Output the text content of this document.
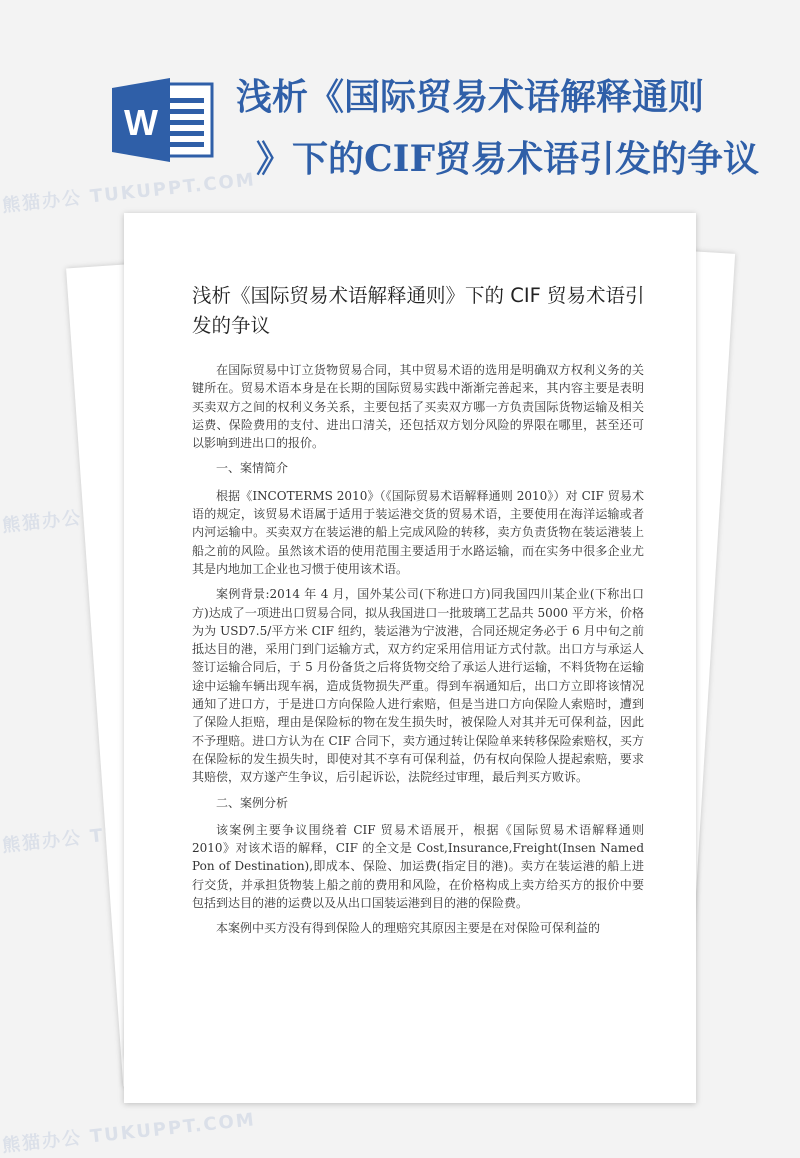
熊猫办公 TUKUPPT.COM
熊猫办公
熊猫办公
熊猫办公 TUKUPPT.COM
W
浅析《国际贸易术语解释通则
》下的CIF贸易术语引发的争议
浅析《国际贸易术语解释通则》下的 CIF 贸易术语引发的争议

在国际贸易中订立货物贸易合同，其中贸易术语的选用是明确双方权利义务的关键所在。贸易术语本身是在长期的国际贸易实践中渐渐完善起来，其内容主要是表明买卖双方之间的权利义务关系，主要包括了买卖双方哪一方负责国际货物运输及相关运费、保险费用的支付、进出口清关，还包括双方划分风险的界限在哪里，甚至还可以影响到进出口的报价。

一、案情简介

根据《INCOTERMS 2010》（《国际贸易术语解释通则 2010》）对 CIF 贸易术语的规定，该贸易术语属于适用于装运港交货的贸易术语，主要使用在海洋运输或者内河运输中。买卖双方在装运港的船上完成风险的转移，卖方负责货物在装运港装上船之前的风险。虽然该术语的使用范围主要适用于水路运输，而在实务中很多企业尤其是内地加工企业也习惯于使用该术语。

案例背景:2014 年 4 月，国外某公司(下称进口方)同我国四川某企业(下称出口方)达成了一项进出口贸易合同，拟从我国进口一批玻璃工艺品共 5000 平方米，价格为为 USD7.5/平方米 CIF 纽约，装运港为宁波港，合同还规定务必于 6 月中旬之前抵达目的港，采用门到门运输方式，双方约定采用信用证方式付款。出口方与承运人签订运输合同后，于 5 月份备货之后将货物交给了承运人进行运输，不料货物在运输途中运输车辆出现车祸，造成货物损失严重。得到车祸通知后，出口方立即将该情况通知了进口方，于是进口方向保险人进行索赔，但是当进口方向保险人索赔时，遭到了保险人拒赔，理由是保险标的物在发生损失时，被保险人对其并无可保利益，因此不予理赔。进口方认为在 CIF 合同下，卖方通过转让保险单来转移保险索赔权，买方在保险标的发生损失时，即使对其不享有可保利益，仍有权向保险人提起索赔，要求其赔偿，双方遂产生争议，后引起诉讼，法院经过审理，最后判买方败诉。

二、案例分析

该案例主要争议围绕着 CIF 贸易术语展开，根据《国际贸易术语解释通则 2010》对该术语的解释，CIF 的全文是 Cost,Insurance,Freight(Insen Named Pon of Destination),即成本、保险、加运费(指定目的港)。卖方在装运港的船上进行交货，并承担货物装上船之前的费用和风险，在价格构成上卖方给买方的报价中要包括到达目的港的运费以及从出口国装运港到目的港的保险费。

本案例中买方没有得到保险人的理赔究其原因主要是在对保险可保利益的
